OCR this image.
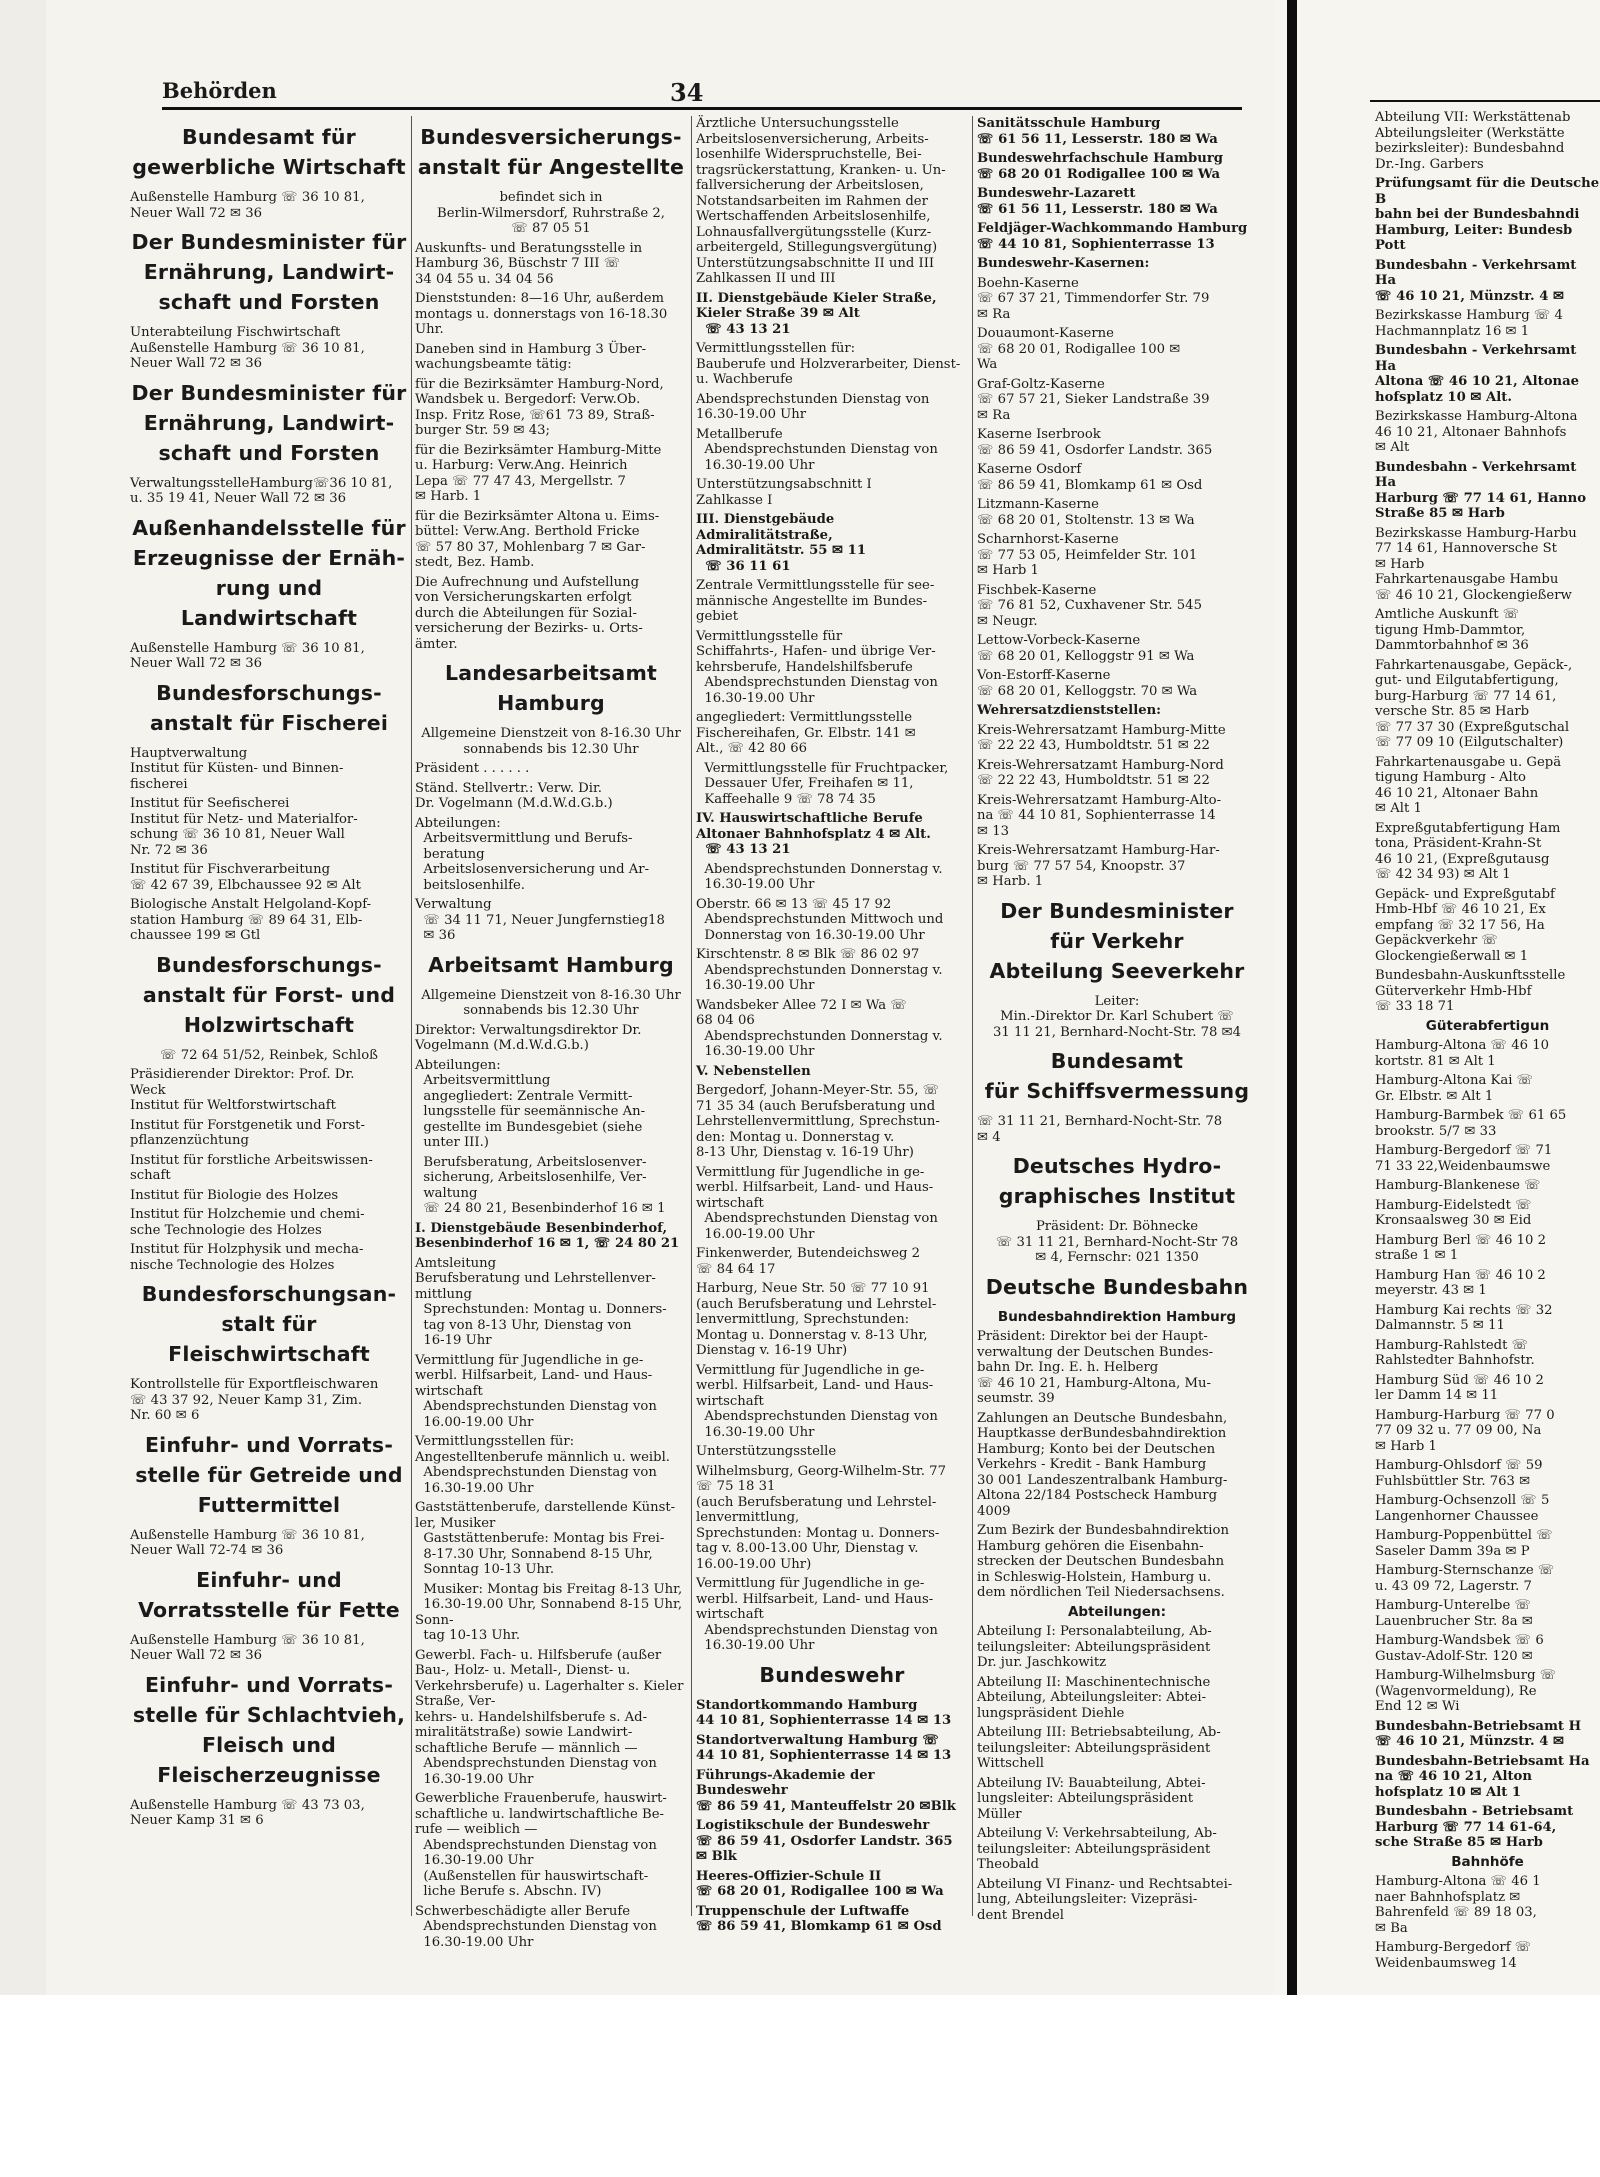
Behörden	34
Bundesamt für
gewerbliche Wirtschaft
Außenstelle Hamburg ☏ 36 10 81,
Neuer Wall 72 ✉ 36
Der Bundesminister für
Ernährung, Landwirt-
schaft und Forsten
Unterabteilung Fischwirtschaft
Außenstelle Hamburg ☏ 36 10 81,
Neuer Wall 72 ✉ 36
Der Bundesminister für
Ernährung, Landwirt-
schaft und Forsten
VerwaltungsstelleHamburg☏36 10 81,
u. 35 19 41, Neuer Wall 72 ✉ 36
Außenhandelsstelle für
Erzeugnisse der Ernäh-
rung und Landwirtschaft
Außenstelle Hamburg ☏ 36 10 81,
Neuer Wall 72 ✉ 36
Bundesforschungs-
anstalt für Fischerei
Hauptverwaltung
Institut für Küsten- und Binnen-
fischerei
Institut für Seefischerei
Institut für Netz- und Materialfor-
schung ☏ 36 10 81, Neuer Wall
Nr. 72 ✉ 36
Institut für Fischverarbeitung
☏ 42 67 39, Elbchaussee 92 ✉ Alt
Biologische Anstalt Helgoland-Kopf-
station Hamburg ☏ 89 64 31, Elb-
chaussee 199 ✉ Gtl
Bundesforschungs-
anstalt für Forst- und
Holzwirtschaft
☏ 72 64 51/52, Reinbek, Schloß
Präsidierender Direktor: Prof. Dr.
Weck
Institut für Weltforstwirtschaft
Institut für Forstgenetik und Forst-
pflanzenzüchtung
Institut für forstliche Arbeitswissen-
schaft
Institut für Biologie des Holzes
Institut für Holzchemie und chemi-
sche Technologie des Holzes
Institut für Holzphysik und mecha-
nische Technologie des Holzes
Bundesforschungsan-
stalt für Fleischwirtschaft
Kontrollstelle für Exportfleischwaren
☏ 43 37 92, Neuer Kamp 31, Zim.
Nr. 60 ✉ 6
Einfuhr- und Vorrats-
stelle für Getreide und
Futtermittel
Außenstelle Hamburg ☏ 36 10 81,
Neuer Wall 72-74 ✉ 36
Einfuhr- und
Vorratsstelle für Fette
Außenstelle Hamburg ☏ 36 10 81,
Neuer Wall 72 ✉ 36
Einfuhr- und Vorrats-
stelle für Schlachtvieh,
Fleisch und
Fleischerzeugnisse
Außenstelle Hamburg ☏ 43 73 03,
Neuer Kamp 31 ✉ 6
Bundesversicherungs-
anstalt für Angestellte
befindet sich in
Berlin-Wilmersdorf, Ruhrstraße 2,
☏ 87 05 51
Auskunfts- und Beratungsstelle in
Hamburg 36, Büschstr 7 III ☏
34 04 55 u. 34 04 56
Dienststunden: 8—16 Uhr, außerdem
montags u. donnerstags von 16-18.30
Uhr.
Daneben sind in Hamburg 3 Über-
wachungsbeamte tätig:
für die Bezirksämter Hamburg-Nord,
Wandsbek u. Bergedorf: Verw.Ob.
Insp. Fritz Rose, ☏61 73 89, Straß-
burger Str. 59 ✉ 43;
für die Bezirksämter Hamburg-Mitte
u. Harburg: Verw.Ang. Heinrich
Lepa ☏ 77 47 43, Mergellstr. 7
✉ Harb. 1
für die Bezirksämter Altona u. Eims-
büttel: Verw.Ang. Berthold Fricke
☏ 57 80 37, Mohlenbarg 7 ✉ Gar-
stedt, Bez. Hamb.
Die Aufrechnung und Aufstellung
von Versicherungskarten erfolgt
durch die Abteilungen für Sozial-
versicherung der Bezirks- u. Orts-
ämter.
Landesarbeitsamt
Hamburg
Allgemeine Dienstzeit von 8-16.30 Uhr
sonnabends bis 12.30 Uhr
Präsident . . . . . .
Ständ. Stellvertr.: Verw. Dir.
Dr. Vogelmann (M.d.W.d.G.b.)
Abteilungen:
Arbeitsvermittlung und Berufs-
beratung
Arbeitslosenversicherung und Ar-
beitslosenhilfe.
Verwaltung
☏ 34 11 71, Neuer Jungfernstieg18
✉ 36
Arbeitsamt Hamburg
Allgemeine Dienstzeit von 8-16.30 Uhr
sonnabends bis 12.30 Uhr
Direktor: Verwaltungsdirektor Dr.
Vogelmann (M.d.W.d.G.b.)
Abteilungen:
Arbeitsvermittlung
angegliedert: Zentrale Vermitt-
lungsstelle für seemännische An-
gestellte im Bundesgebiet (siehe
unter III.)
Berufsberatung, Arbeitslosenver-
sicherung, Arbeitslosenhilfe, Ver-
waltung
☏ 24 80 21, Besenbinderhof 16 ✉ 1
I. Dienstgebäude Besenbinderhof,
Besenbinderhof 16 ✉ 1, ☏ 24 80 21
Amtsleitung
Berufsberatung und Lehrstellenver-
mittlung
Sprechstunden: Montag u. Donners-
tag von 8-13 Uhr, Dienstag von
16-19 Uhr
Vermittlung für Jugendliche in ge-
werbl. Hilfsarbeit, Land- und Haus-
wirtschaft
Abendsprechstunden Dienstag von
16.00-19.00 Uhr
Vermittlungsstellen für:
Angestelltenberufe männlich u. weibl.
Abendsprechstunden Dienstag von
16.30-19.00 Uhr
Gaststättenberufe, darstellende Künst-
ler, Musiker
Gaststättenberufe: Montag bis Frei-
8-17.30 Uhr, Sonnabend 8-15 Uhr,
Sonntag 10-13 Uhr.
Musiker: Montag bis Freitag 8-13 Uhr,
16.30-19.00 Uhr, Sonnabend 8-15 Uhr, Sonn-
tag 10-13 Uhr.
Gewerbl. Fach- u. Hilfsberufe (außer
Bau-, Holz- u. Metall-, Dienst- u.
Verkehrsberufe) u. Lagerhalter s. Kieler Straße, Ver-
kehrs- u. Handelshilfsberufe s. Ad-
miralitätstraße) sowie Landwirt-
schaftliche Berufe — männlich —
Abendsprechstunden Dienstag von
16.30-19.00 Uhr
Gewerbliche Frauenberufe, hauswirt-
schaftliche u. landwirtschaftliche Be-
rufe — weiblich —
Abendsprechstunden Dienstag von
16.30-19.00 Uhr
(Außenstellen für hauswirtschaft-
liche Berufe s. Abschn. IV)
Schwerbeschädigte aller Berufe
Abendsprechstunden Dienstag von
16.30-19.00 Uhr
Ärztliche Untersuchungsstelle
Arbeitslosenversicherung, Arbeits-
losenhilfe Widerspruchstelle, Bei-
tragsrückerstattung, Kranken- u. Un-
fallversicherung der Arbeitslosen,
Notstandsarbeiten im Rahmen der
Wertschaffenden Arbeitslosenhilfe,
Lohnausfallvergütungsstelle (Kurz-
arbeitergeld, Stillegungsvergütung)
Unterstützungsabschnitte II und III
Zahlkassen II und III
II. Dienstgebäude Kieler Straße,
Kieler Straße 39 ✉ Alt
☏ 43 13 21
Vermittlungsstellen für:
Bauberufe und Holzverarbeiter, Dienst-
u. Wachberufe
Abendsprechstunden Dienstag von
16.30-19.00 Uhr
Metallberufe
Abendsprechstunden Dienstag von
16.30-19.00 Uhr
Unterstützungsabschnitt I
Zahlkasse I
III. Dienstgebäude Admiralitätstraße,
Admiralitätstr. 55 ✉ 11
☏ 36 11 61
Zentrale Vermittlungsstelle für see-
männische Angestellte im Bundes-
gebiet
Vermittlungsstelle für
Schiffahrts-, Hafen- und übrige Ver-
kehrsberufe, Handelshilfsberufe
Abendsprechstunden Dienstag von
16.30-19.00 Uhr
angegliedert: Vermittlungsstelle
Fischereihafen, Gr. Elbstr. 141 ✉
Alt., ☏ 42 80 66
Vermittlungsstelle für Fruchtpacker,
Dessauer Ufer, Freihafen ✉ 11,
Kaffeehalle 9 ☏ 78 74 35
IV. Hauswirtschaftliche Berufe
Altonaer Bahnhofsplatz 4 ✉ Alt.
☏ 43 13 21
Abendsprechstunden Donnerstag v.
16.30-19.00 Uhr
Oberstr. 66 ✉ 13 ☏ 45 17 92
Abendsprechstunden Mittwoch und
Donnerstag von 16.30-19.00 Uhr
Kirschtenstr. 8 ✉ Blk ☏ 86 02 97
Abendsprechstunden Donnerstag v.
16.30-19.00 Uhr
Wandsbeker Allee 72 I ✉ Wa ☏
68 04 06
Abendsprechstunden Donnerstag v.
16.30-19.00 Uhr
V. Nebenstellen
Bergedorf, Johann-Meyer-Str. 55, ☏
71 35 34 (auch Berufsberatung und
Lehrstellenvermittlung, Sprechstun-
den: Montag u. Donnerstag v.
8-13 Uhr, Dienstag v. 16-19 Uhr)
Vermittlung für Jugendliche in ge-
werbl. Hilfsarbeit, Land- und Haus-
wirtschaft
Abendsprechstunden Dienstag von
16.00-19.00 Uhr
Finkenwerder, Butendeichsweg 2
☏ 84 64 17
Harburg, Neue Str. 50 ☏ 77 10 91
(auch Berufsberatung und Lehrstel-
lenvermittlung, Sprechstunden:
Montag u. Donnerstag v. 8-13 Uhr,
Dienstag v. 16-19 Uhr)
Vermittlung für Jugendliche in ge-
werbl. Hilfsarbeit, Land- und Haus-
wirtschaft
Abendsprechstunden Dienstag von
16.30-19.00 Uhr
Unterstützungsstelle
Wilhelmsburg, Georg-Wilhelm-Str. 77
☏ 75 18 31
(auch Berufsberatung und Lehrstel-
lenvermittlung,
Sprechstunden: Montag u. Donners-
tag v. 8.00-13.00 Uhr, Dienstag v.
16.00-19.00 Uhr)
Vermittlung für Jugendliche in ge-
werbl. Hilfsarbeit, Land- und Haus-
wirtschaft
Abendsprechstunden Dienstag von
16.30-19.00 Uhr
Bundeswehr
Standortkommando Hamburg
44 10 81, Sophienterrasse 14 ✉ 13
Standortverwaltung Hamburg ☏
44 10 81, Sophienterrasse 14 ✉ 13
Führungs-Akademie der Bundeswehr
☏ 86 59 41, Manteuffelstr 20 ✉Blk
Logistikschule der Bundeswehr
☏ 86 59 41, Osdorfer Landstr. 365
✉ Blk
Heeres-Offizier-Schule II
☏ 68 20 01, Rodigallee 100 ✉ Wa
Truppenschule der Luftwaffe
☏ 86 59 41, Blomkamp 61 ✉ Osd
Sanitätsschule Hamburg
☏ 61 56 11, Lesserstr. 180 ✉ Wa
Bundeswehrfachschule Hamburg
☏ 68 20 01 Rodigallee 100 ✉ Wa
Bundeswehr-Lazarett
☏ 61 56 11, Lesserstr. 180 ✉ Wa
Feldjäger-Wachkommando Hamburg
☏ 44 10 81, Sophienterrasse 13
Bundeswehr-Kasernen:
Boehn-Kaserne
☏ 67 37 21, Timmendorfer Str. 79
✉ Ra
Douaumont-Kaserne
☏ 68 20 01, Rodigallee 100 ✉
Wa
Graf-Goltz-Kaserne
☏ 67 57 21, Sieker Landstraße 39
✉ Ra
Kaserne Iserbrook
☏ 86 59 41, Osdorfer Landstr. 365
Kaserne Osdorf
☏ 86 59 41, Blomkamp 61 ✉ Osd
Litzmann-Kaserne
☏ 68 20 01, Stoltenstr. 13 ✉ Wa
Scharnhorst-Kaserne
☏ 77 53 05, Heimfelder Str. 101
✉ Harb 1
Fischbek-Kaserne
☏ 76 81 52, Cuxhavener Str. 545
✉ Neugr.
Lettow-Vorbeck-Kaserne
☏ 68 20 01, Kelloggstr 91 ✉ Wa
Von-Estorff-Kaserne
☏ 68 20 01, Kelloggstr. 70 ✉ Wa
Wehrersatzdienststellen:
Kreis-Wehrersatzamt Hamburg-Mitte
☏ 22 22 43, Humboldtstr. 51 ✉ 22
Kreis-Wehrersatzamt Hamburg-Nord
☏ 22 22 43, Humboldtstr. 51 ✉ 22
Kreis-Wehrersatzamt Hamburg-Alto-
na ☏ 44 10 81, Sophienterrasse 14
✉ 13
Kreis-Wehrersatzamt Hamburg-Har-
burg ☏ 77 57 54, Knoopstr. 37
✉ Harb. 1
Der Bundesminister
für Verkehr
Abteilung Seeverkehr
Leiter:
Min.-Direktor Dr. Karl Schubert ☏
31 11 21, Bernhard-Nocht-Str. 78 ✉4
Bundesamt
für Schiffsvermessung
☏ 31 11 21, Bernhard-Nocht-Str. 78
✉ 4
Deutsches Hydro-
graphisches Institut
Präsident: Dr. Böhnecke
☏ 31 11 21, Bernhard-Nocht-Str 78
✉ 4, Fernschr: 021 1350
Deutsche Bundesbahn
Bundesbahndirektion Hamburg
Präsident: Direktor bei der Haupt-
verwaltung der Deutschen Bundes-
bahn Dr. Ing. E. h. Helberg
☏ 46 10 21, Hamburg-Altona, Mu-
seumstr. 39
Zahlungen an Deutsche Bundesbahn,
Hauptkasse derBundesbahndirektion
Hamburg; Konto bei der Deutschen
Verkehrs - Kredit - Bank Hamburg
30 001 Landeszentralbank Hamburg-
Altona 22/184 Postscheck Hamburg
4009
Zum Bezirk der Bundesbahndirektion
Hamburg gehören die Eisenbahn-
strecken der Deutschen Bundesbahn
in Schleswig-Holstein, Hamburg u.
dem nördlichen Teil Niedersachsens.
Abteilungen:
Abteilung I: Personalabteilung, Ab-
teilungsleiter: Abteilungspräsident
Dr. jur. Jaschkowitz
Abteilung II: Maschinentechnische
Abteilung, Abteilungsleiter: Abtei-
lungspräsident Diehle
Abteilung III: Betriebsabteilung, Ab-
teilungsleiter: Abteilungspräsident
Wittschell
Abteilung IV: Bauabteilung, Abtei-
lungsleiter: Abteilungspräsident
Müller
Abteilung V: Verkehrsabteilung, Ab-
teilungsleiter: Abteilungspräsident
Theobald
Abteilung VI Finanz- und Rechtsabtei-
lung, Abteilungsleiter: Vizepräsi-
dent Brendel
Abteilung VII: Werkstättenab
Abteilungsleiter (Werkstätte
bezirksleiter): Bundesbahnd
Dr.-Ing. Garbers
Prüfungsamt für die Deutsche B
bahn bei der Bundesbahndi
Hamburg, Leiter: Bundesb
Pott
Bundesbahn - Verkehrsamt Ha
☏ 46 10 21, Münzstr. 4 ✉
Bezirkskasse Hamburg ☏ 4
Hachmannplatz 16 ✉ 1
Bundesbahn - Verkehrsamt Ha
Altona ☏ 46 10 21, Altonae
hofsplatz 10 ✉ Alt.
Bezirkskasse Hamburg-Altona
46 10 21, Altonaer Bahnhofs
✉ Alt
Bundesbahn - Verkehrsamt Ha
Harburg ☏ 77 14 61, Hanno
Straße 85 ✉ Harb
Bezirkskasse Hamburg-Harbu
77 14 61, Hannoversche St
✉ Harb
Fahrkartenausgabe Hambu
☏ 46 10 21, Glockengießerw
Amtliche Auskunft ☏
tigung Hmb-Dammtor,
Dammtorbahnhof ✉ 36
Fahrkartenausgabe, Gepäck-,
gut- und Eilgutabfertigung,
burg-Harburg ☏ 77 14 61,
versche Str. 85 ✉ Harb
☏ 77 37 30 (Expreßgutschal
☏ 77 09 10 (Eilgutschalter)
Fahrkartenausgabe u. Gepä
tigung Hamburg - Alto
46 10 21, Altonaer Bahn
✉ Alt 1
Expreßgutabfertigung Ham
tona, Präsident-Krahn-St
46 10 21, (Expreßgutausg
☏ 42 34 93) ✉ Alt 1
Gepäck- und Expreßgutabf
Hmb-Hbf ☏ 46 10 21, Ex
empfang ☏ 32 17 56, Ha
Gepäckverkehr ☏
Glockengießerwall ✉ 1
Bundesbahn-Auskunftsstelle
Güterverkehr Hmb-Hbf
☏ 33 18 71
Güterabfertigun
Hamburg-Altona ☏ 46 10
kortstr. 81 ✉ Alt 1
Hamburg-Altona Kai ☏
Gr. Elbstr. ✉ Alt 1
Hamburg-Barmbek ☏ 61 65
brookstr. 5/7 ✉ 33
Hamburg-Bergedorf ☏ 71
71 33 22,Weidenbaumswe
Hamburg-Blankenese ☏
Hamburg-Eidelstedt ☏
Kronsaalsweg 30 ✉ Eid
Hamburg Berl ☏ 46 10 2
straße 1 ✉ 1
Hamburg Han ☏ 46 10 2
meyerstr. 43 ✉ 1
Hamburg Kai rechts ☏ 32
Dalmannstr. 5 ✉ 11
Hamburg-Rahlstedt ☏
Rahlstedter Bahnhofstr.
Hamburg Süd ☏ 46 10 2
ler Damm 14 ✉ 11
Hamburg-Harburg ☏ 77 0
77 09 32 u. 77 09 00, Na
✉ Harb 1
Hamburg-Ohlsdorf ☏ 59
Fuhlsbüttler Str. 763 ✉
Hamburg-Ochsenzoll ☏ 5
Langenhorner Chaussee
Hamburg-Poppenbüttel ☏
Saseler Damm 39a ✉ P
Hamburg-Sternschanze ☏
u. 43 09 72, Lagerstr. 7
Hamburg-Unterelbe ☏
Lauenbrucher Str. 8a ✉
Hamburg-Wandsbek ☏ 6
Gustav-Adolf-Str. 120 ✉
Hamburg-Wilhelmsburg ☏
(Wagenvormeldung), Re
End 12 ✉ Wi
Bundesbahn-Betriebsamt H
☏ 46 10 21, Münzstr. 4 ✉
Bundesbahn-Betriebsamt Ha
na ☏ 46 10 21, Alton
hofsplatz 10 ✉ Alt 1
Bundesbahn - Betriebsamt
Harburg ☏ 77 14 61-64,
sche Straße 85 ✉ Harb
Bahnhöfe
Hamburg-Altona ☏ 46 1
naer Bahnhofsplatz ✉
Bahrenfeld ☏ 89 18 03,
✉ Ba
Hamburg-Bergedorf ☏
Weidenbaumsweg 14
